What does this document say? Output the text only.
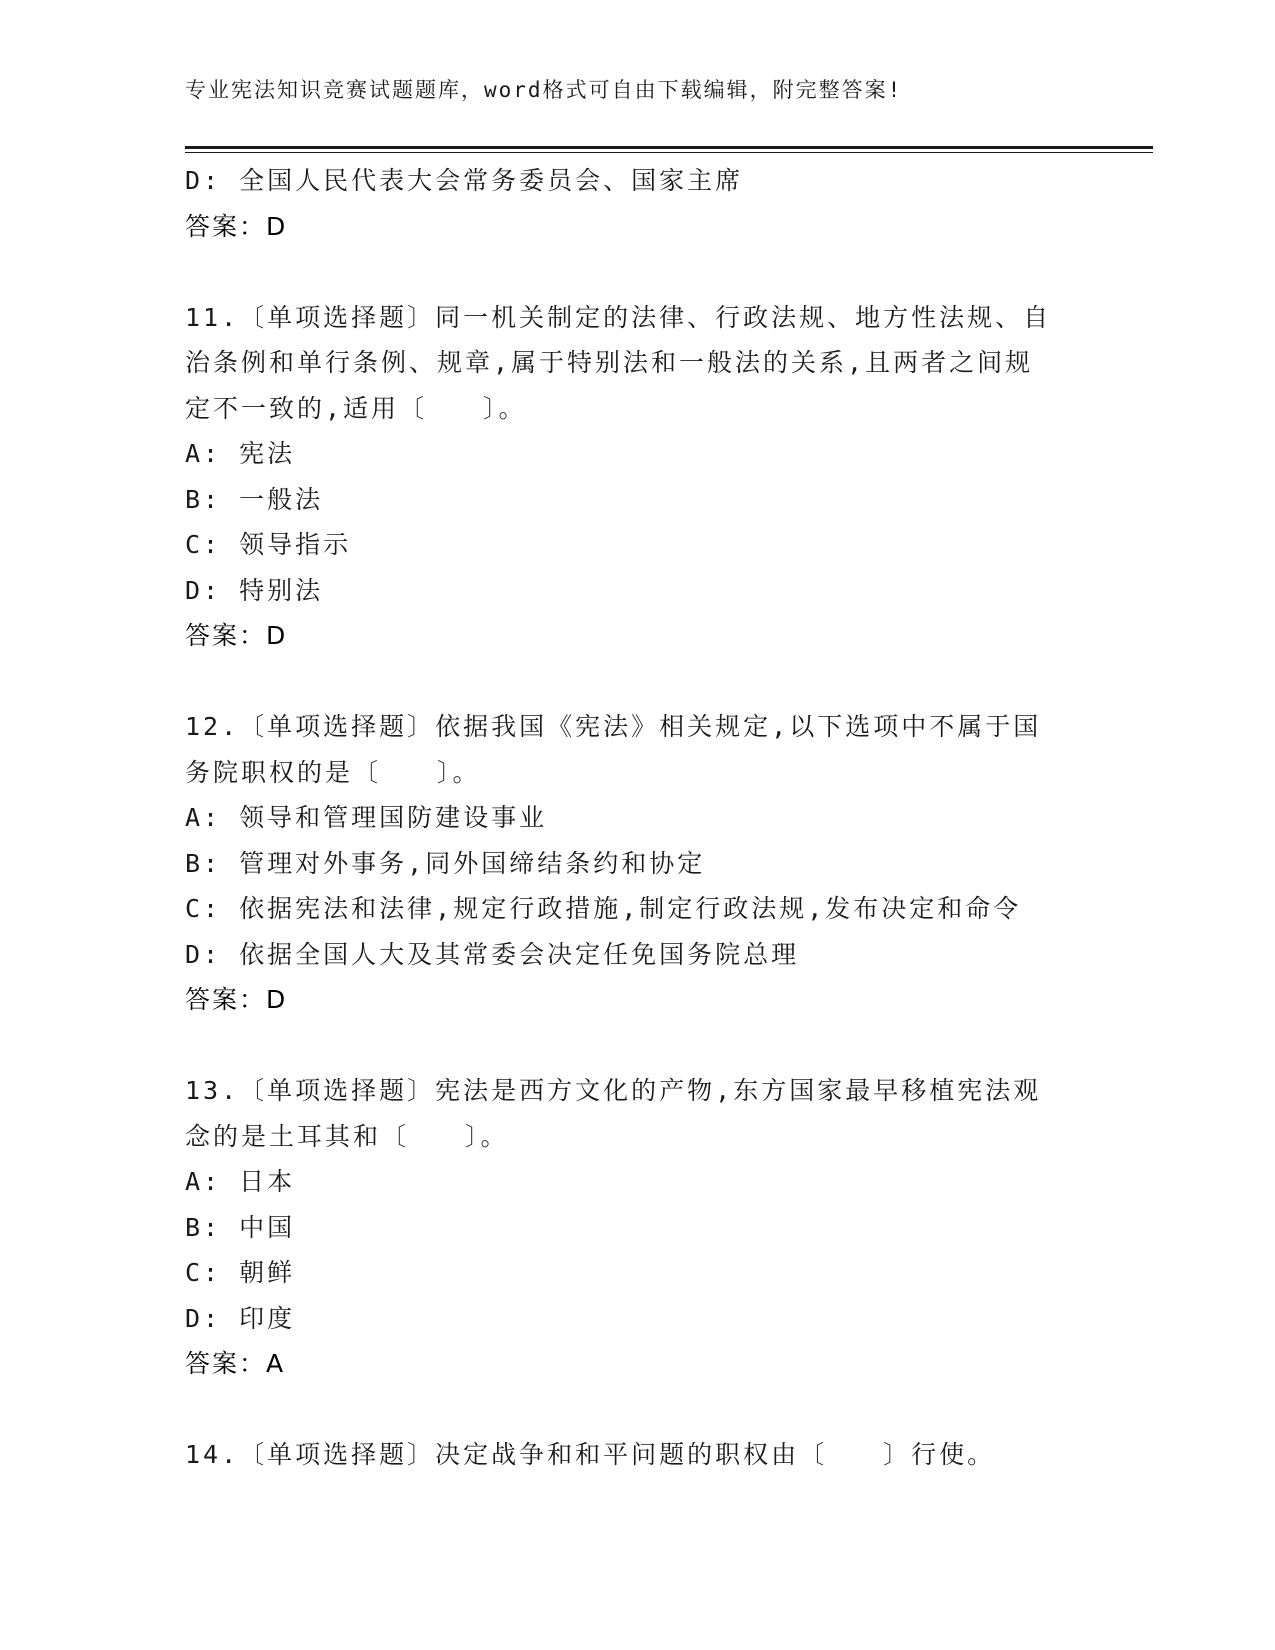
专业宪法知识竞赛试题题库，word格式可自由下载编辑，附完整答案!
D: 全国人民代表大会常务委员会、国家主席
答案：D
11.〔单项选择题〕同一机关制定的法律、行政法规、地方性法规、自
治条例和单行条例、规章,属于特别法和一般法的关系,且两者之间规
定不一致的,适用〔　　〕。
A: 宪法
B: 一般法
C: 领导指示
D: 特别法
答案：D
12.〔单项选择题〕依据我国《宪法》相关规定,以下选项中不属于国
务院职权的是〔　　〕。
A: 领导和管理国防建设事业
B: 管理对外事务,同外国缔结条约和协定
C: 依据宪法和法律,规定行政措施,制定行政法规,发布决定和命令
D: 依据全国人大及其常委会决定任免国务院总理
答案：D
13.〔单项选择题〕宪法是西方文化的产物,东方国家最早移植宪法观
念的是土耳其和〔　　〕。
A: 日本
B: 中国
C: 朝鲜
D: 印度
答案：A
14.〔单项选择题〕决定战争和和平问题的职权由〔　　〕行使。
